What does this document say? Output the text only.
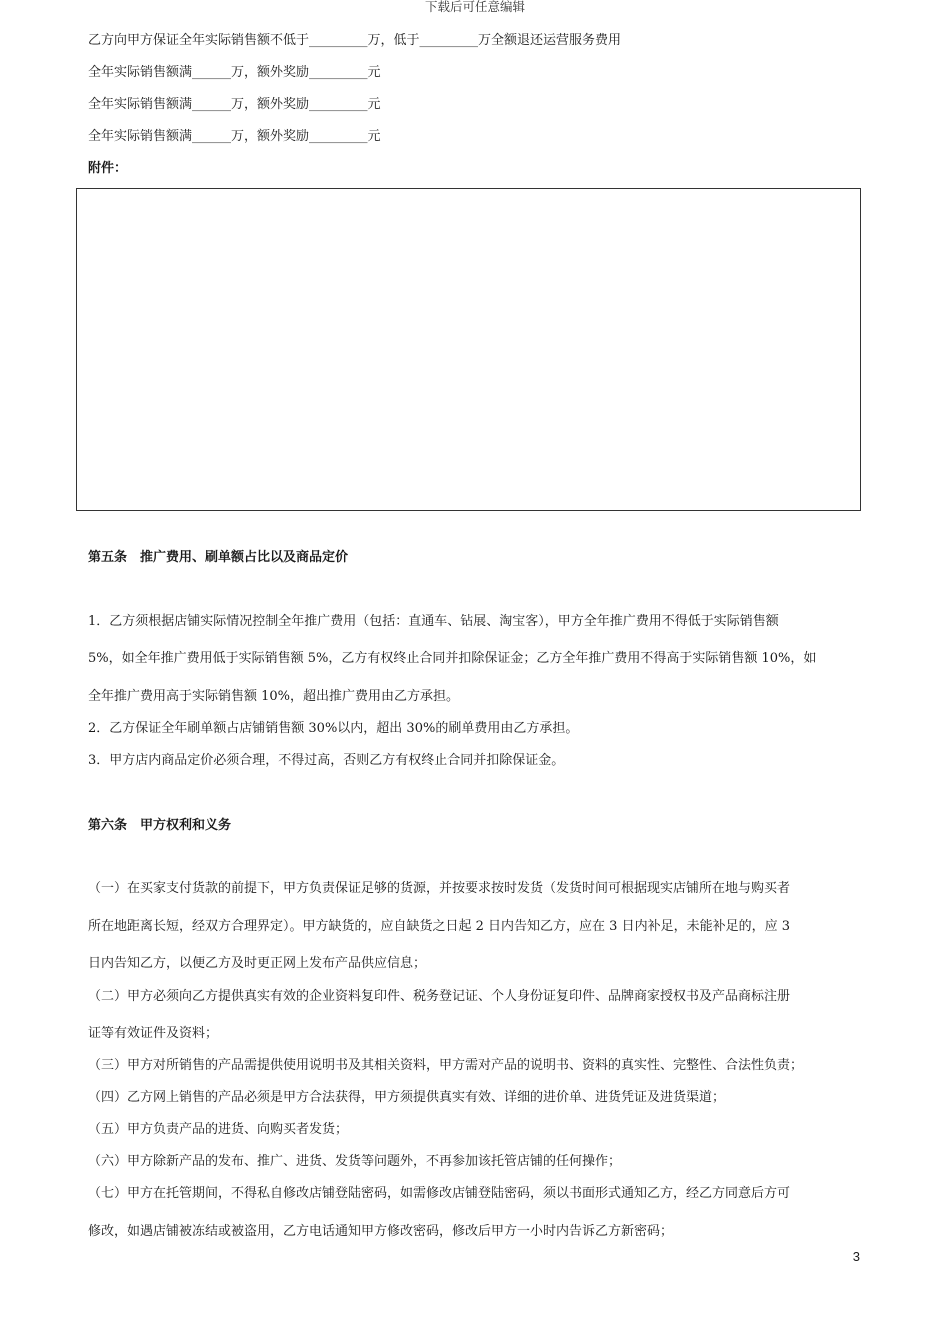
下载后可任意编辑
乙方向甲方保证全年实际销售额不低于_________万，低于_________万全额退还运营服务费用
全年实际销售额满______万，额外奖励_________元
全年实际销售额满______万，额外奖励_________元
全年实际销售额满______万，额外奖励_________元
附件：
第五条　推广费用、刷单额占比以及商品定价
1．乙方须根据店铺实际情况控制全年推广费用（包括：直通车、钻展、淘宝客），甲方全年推广费用不得低于实际销售额
5%，如全年推广费用低于实际销售额 5%，乙方有权终止合同并扣除保证金；乙方全年推广费用不得高于实际销售额 10%，如
全年推广费用高于实际销售额 10%，超出推广费用由乙方承担。
2．乙方保证全年刷单额占店铺销售额 30%以内，超出 30%的刷单费用由乙方承担。
3．甲方店内商品定价必须合理，不得过高，否则乙方有权终止合同并扣除保证金。
第六条　甲方权利和义务
（一）在买家支付货款的前提下，甲方负责保证足够的货源，并按要求按时发货（发货时间可根据现实店铺所在地与购买者
所在地距离长短，经双方合理界定）。甲方缺货的，应自缺货之日起 2 日内告知乙方，应在 3 日内补足，未能补足的，应 3
日内告知乙方，以便乙方及时更正网上发布产品供应信息；
（二）甲方必须向乙方提供真实有效的企业资料复印件、税务登记证、个人身份证复印件、品牌商家授权书及产品商标注册
证等有效证件及资料；
（三）甲方对所销售的产品需提供使用说明书及其相关资料，甲方需对产品的说明书、资料的真实性、完整性、合法性负责；
（四）乙方网上销售的产品必须是甲方合法获得，甲方须提供真实有效、详细的进价单、进货凭证及进货渠道；
（五）甲方负责产品的进货、向购买者发货；
（六）甲方除新产品的发布、推广、进货、发货等问题外，不再参加该托管店铺的任何操作；
（七）甲方在托管期间，不得私自修改店铺登陆密码，如需修改店铺登陆密码，须以书面形式通知乙方，经乙方同意后方可
修改，如遇店铺被冻结或被盗用，乙方电话通知甲方修改密码，修改后甲方一小时内告诉乙方新密码；
3
